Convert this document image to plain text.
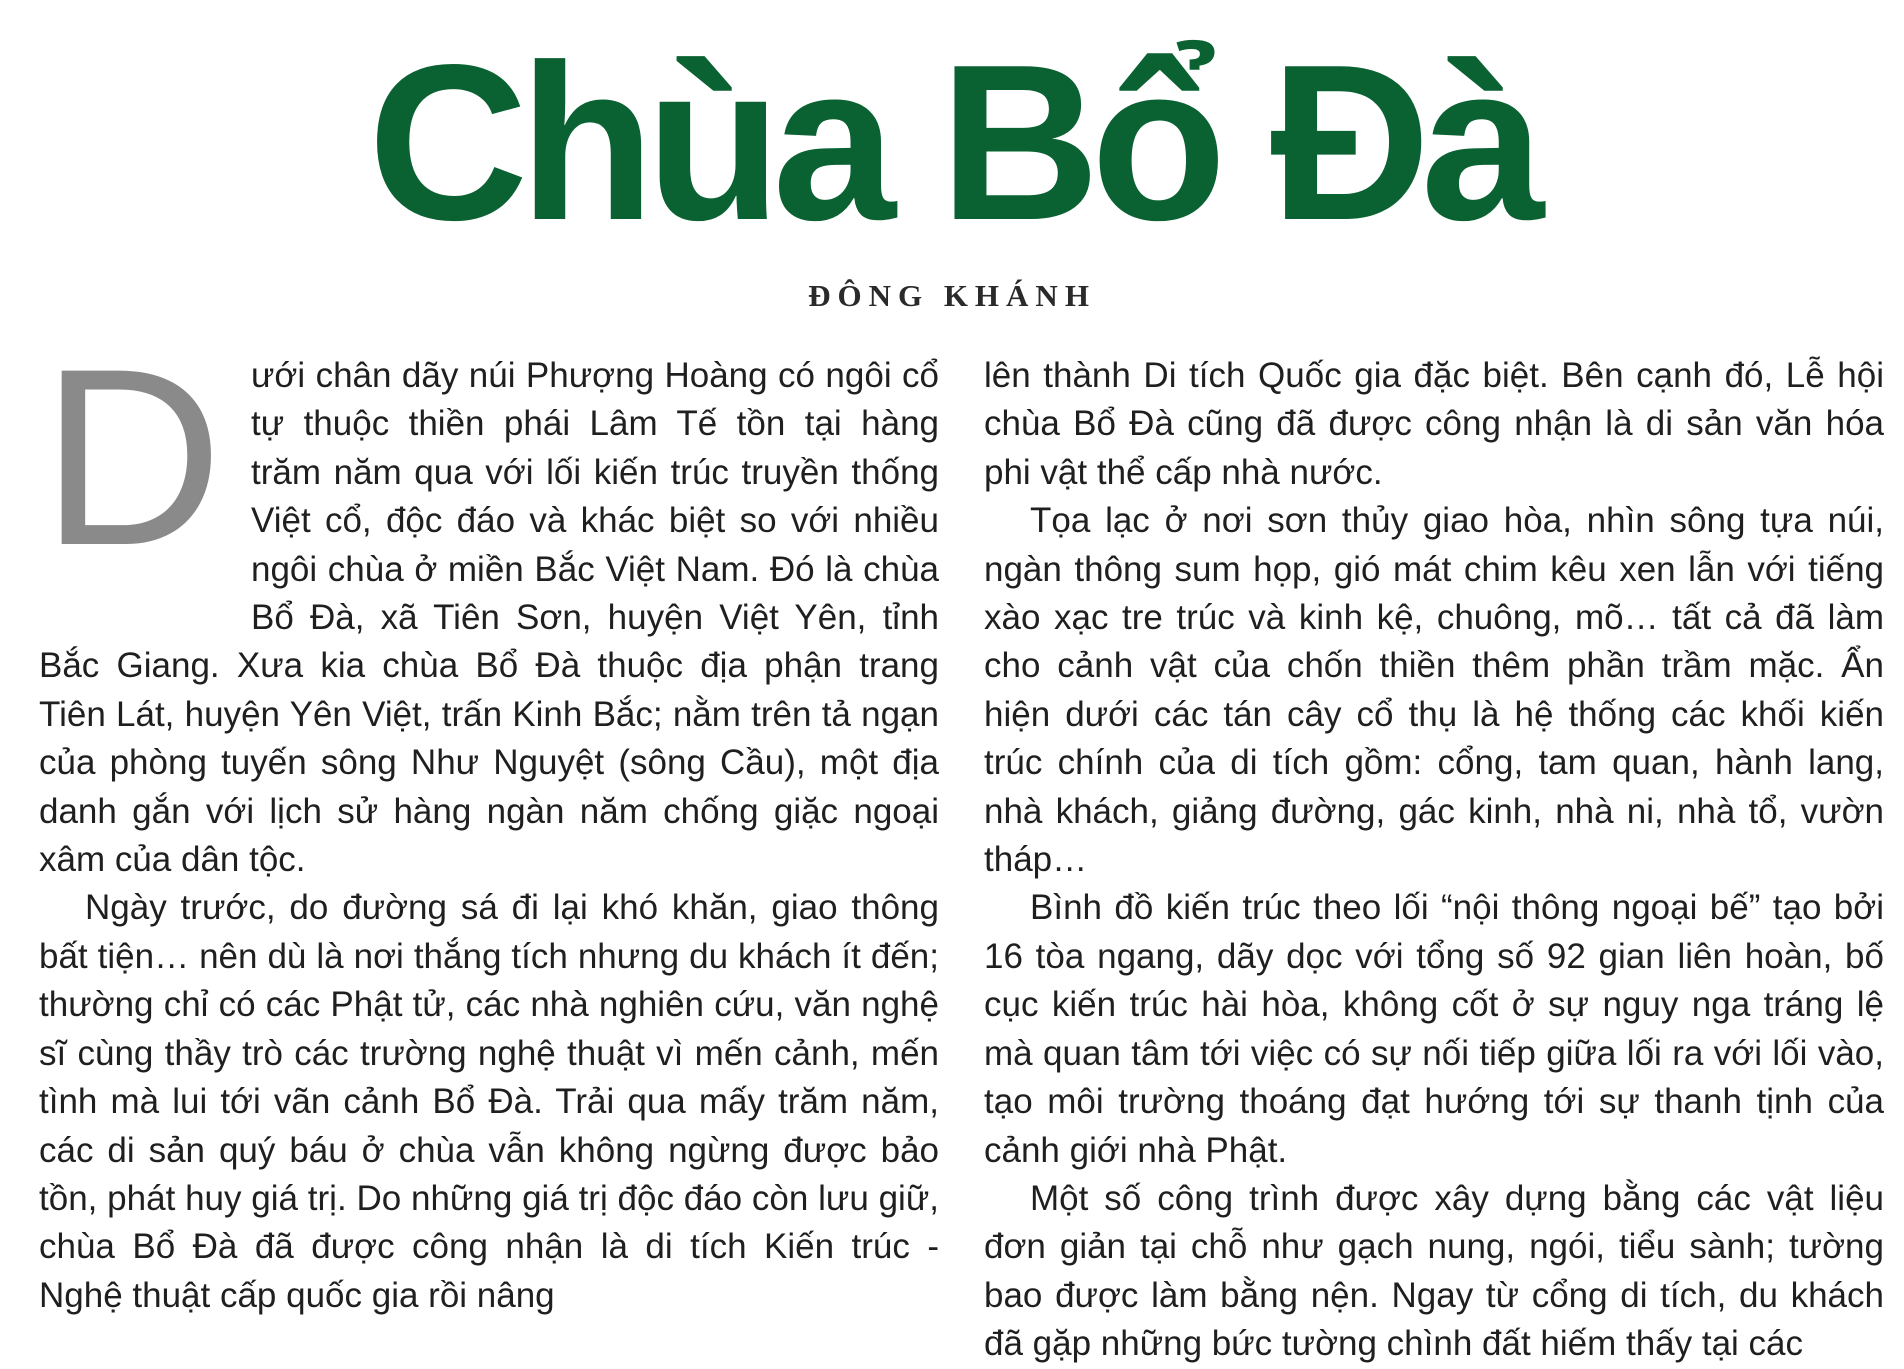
Chùa Bổ Đà
ĐÔNG KHÁNH
D ưới chân dãy núi Phượng Hoàng có ngôi cổ tự thuộc thiền phái Lâm Tế tồn tại hàng trăm năm qua với lối kiến trúc truyền thống Việt cổ, độc đáo và khác biệt so với nhiều ngôi chùa ở miền Bắc Việt Nam. Đó là chùa Bổ Đà, xã Tiên Sơn, huyện Việt Yên, tỉnh Bắc Giang. Xưa kia chùa Bổ Đà thuộc địa phận trang Tiên Lát, huyện Yên Việt, trấn Kinh Bắc; nằm trên tả ngạn của phòng tuyến sông Như Nguyệt (sông Cầu), một địa danh gắn với lịch sử hàng ngàn năm chống giặc ngoại xâm của dân tộc.

Ngày trước, do đường sá đi lại khó khăn, giao thông bất tiện… nên dù là nơi thắng tích nhưng du khách ít đến; thường chỉ có các Phật tử, các nhà nghiên cứu, văn nghệ sĩ cùng thầy trò các trường nghệ thuật vì mến cảnh, mến tình mà lui tới vãn cảnh Bổ Đà. Trải qua mấy trăm năm, các di sản quý báu ở chùa vẫn không ngừng được bảo tồn, phát huy giá trị. Do những giá trị độc đáo còn lưu giữ, chùa Bổ Đà đã được công nhận là di tích Kiến trúc - Nghệ thuật cấp quốc gia rồi nâng

lên thành Di tích Quốc gia đặc biệt. Bên cạnh đó, Lễ hội chùa Bổ Đà cũng đã được công nhận là di sản văn hóa phi vật thể cấp nhà nước.

Tọa lạc ở nơi sơn thủy giao hòa, nhìn sông tựa núi, ngàn thông sum họp, gió mát chim kêu xen lẫn với tiếng xào xạc tre trúc và kinh kệ, chuông, mõ… tất cả đã làm cho cảnh vật của chốn thiền thêm phần trầm mặc. Ẩn hiện dưới các tán cây cổ thụ là hệ thống các khối kiến trúc chính của di tích gồm: cổng, tam quan, hành lang, nhà khách, giảng đường, gác kinh, nhà ni, nhà tổ, vườn tháp…

Bình đồ kiến trúc theo lối “nội thông ngoại bế” tạo bởi 16 tòa ngang, dãy dọc với tổng số 92 gian liên hoàn, bố cục kiến trúc hài hòa, không cốt ở sự nguy nga tráng lệ mà quan tâm tới việc có sự nối tiếp giữa lối ra với lối vào, tạo môi trường thoáng đạt hướng tới sự thanh tịnh của cảnh giới nhà Phật.

Một số công trình được xây dựng bằng các vật liệu đơn giản tại chỗ như gạch nung, ngói, tiểu sành; tường bao được làm bằng nện. Ngay từ cổng di tích, du khách đã gặp những bức tường chình đất hiếm thấy tại các
